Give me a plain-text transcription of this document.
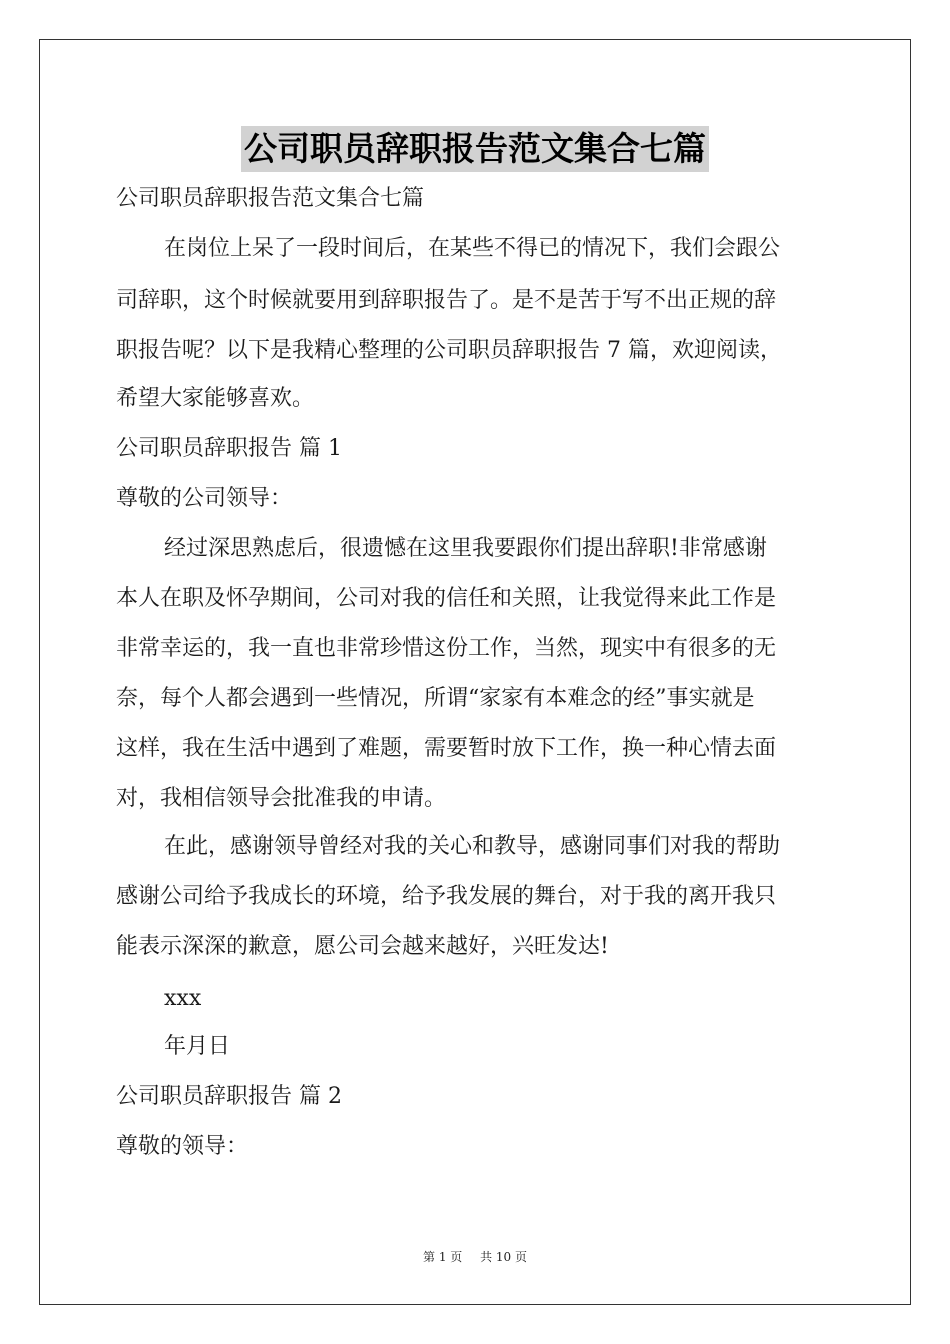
公司职员辞职报告范文集合七篇
公司职员辞职报告范文集合七篇
在岗位上呆了一段时间后，在某些不得已的情况下，我们会跟公
司辞职，这个时候就要用到辞职报告了。是不是苦于写不出正规的辞
职报告呢？以下是我精心整理的公司职员辞职报告 7 篇，欢迎阅读，
希望大家能够喜欢。
公司职员辞职报告 篇 1
尊敬的公司领导：
经过深思熟虑后，很遗憾在这里我要跟你们提出辞职!非常感谢
本人在职及怀孕期间，公司对我的信任和关照，让我觉得来此工作是
非常幸运的，我一直也非常珍惜这份工作，当然，现实中有很多的无
奈，每个人都会遇到一些情况，所谓“家家有本难念的经”事实就是
这样，我在生活中遇到了难题，需要暂时放下工作，换一种心情去面
对，我相信领导会批准我的申请。
在此，感谢领导曾经对我的关心和教导，感谢同事们对我的帮助
感谢公司给予我成长的环境，给予我发展的舞台，对于我的离开我只
能表示深深的歉意，愿公司会越来越好，兴旺发达!
xxx
年月日
公司职员辞职报告 篇 2
尊敬的领导：
第 1 页 共 10 页
